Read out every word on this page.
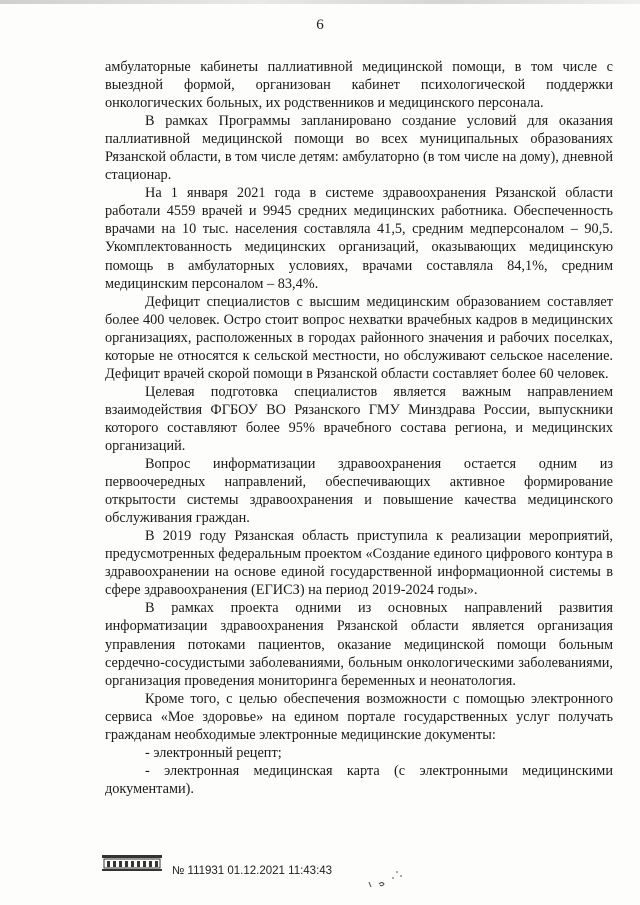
6

амбулаторные кабинеты паллиативной медицинской помощи, в том числе с выездной формой, организован кабинет психологической поддержки онкологических больных, их родственников и медицинского персонала.

В рамках Программы запланировано создание условий для оказания паллиативной медицинской помощи во всех муниципальных образованиях Рязанской области, в том числе детям: амбулаторно (в том числе на дому), дневной стационар.

На 1 января 2021 года в системе здравоохранения Рязанской области работали 4559 врачей и 9945 средних медицинских работника. Обеспеченность врачами на 10 тыс. населения составляла 41,5, средним медперсоналом – 90,5. Укомплектованность медицинских организаций, оказывающих медицинскую помощь в амбулаторных условиях, врачами составляла 84,1%, средним медицинским персоналом – 83,4%.

Дефицит специалистов с высшим медицинским образованием составляет более 400 человек. Остро стоит вопрос нехватки врачебных кадров в медицинских организациях, расположенных в городах районного значения и рабочих поселках, которые не относятся к сельской местности, но обслуживают сельское население. Дефицит врачей скорой помощи в Рязанской области составляет более 60 человек.

Целевая подготовка специалистов является важным направлением взаимодействия ФГБОУ ВО Рязанского ГМУ Минздрава России, выпускники которого составляют более 95% врачебного состава региона, и медицинских организаций.

Вопрос информатизации здравоохранения остается одним из первоочередных направлений, обеспечивающих активное формирование открытости системы здравоохранения и повышение качества медицинского обслуживания граждан.

В 2019 году Рязанская область приступила к реализации мероприятий, предусмотренных федеральным проектом «Создание единого цифрового контура в здравоохранении на основе единой государственной информационной системы в сфере здравоохранения (ЕГИСЗ) на период 2019-2024 годы».

В рамках проекта одними из основных направлений развития информатизации здравоохранения Рязанской области является организация управления потоками пациентов, оказание медицинской помощи больным сердечно-сосудистыми заболеваниями, больным онкологическими заболеваниями, организация проведения мониторинга беременных и неонатология.

Кроме того, с целью обеспечения возможности с помощью электронного сервиса «Мое здоровье» на едином портале государственных услуг получать гражданам необходимые электронные медицинские документы:

- электронный рецепт;

- электронная медицинская карта (с электронными медицинскими документами).

№ 111931 01.12.2021 11:43:43
